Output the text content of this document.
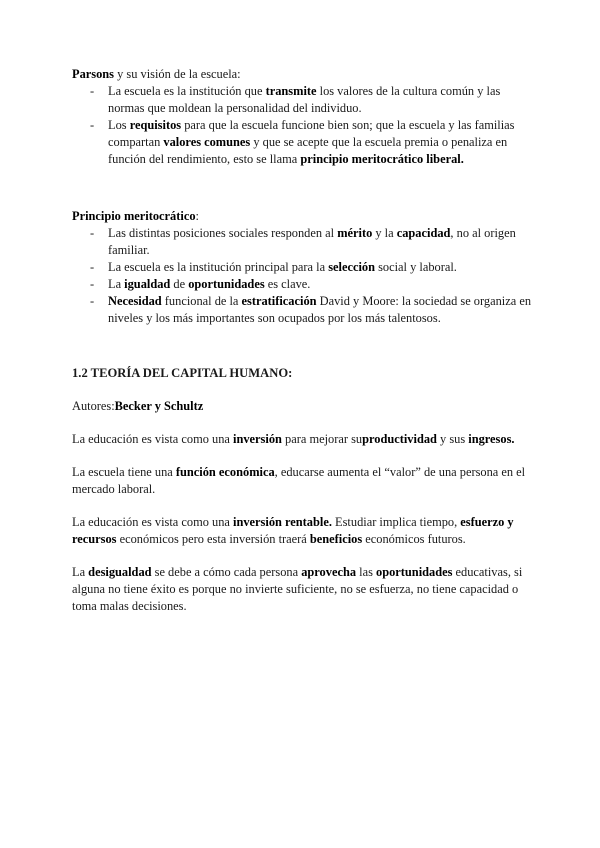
Parsons y su visión de la escuela:

- La escuela es la institución que transmite los valores de la cultura común y las normas que moldean la personalidad del individuo.
- Los requisitos para que la escuela funcione bien son; que la escuela y las familias compartan valores comunes y que se acepte que la escuela premia o penaliza en función del rendimiento, esto se llama principio meritocrático liberal.

Principio meritocrático:

- Las distintas posiciones sociales responden al mérito y la capacidad, no al origen familiar.
- La escuela es la institución principal para la selección social y laboral.
- La igualdad de oportunidades es clave.
- Necesidad funcional de la estratificación David y Moore: la sociedad se organiza en niveles y los más importantes son ocupados por los más talentosos.

1.2 TEORÍA DEL CAPITAL HUMANO:

Autores:Becker y Schultz

La educación es vista como una inversión para mejorar suproductividad y sus ingresos.

La escuela tiene una función económica, educarse aumenta el “valor” de una persona en el mercado laboral.

La educación es vista como una inversión rentable. Estudiar implica tiempo, esfuerzo y recursos económicos pero esta inversión traerá beneficios económicos futuros.

La desigualdad se debe a cómo cada persona aprovecha las oportunidades educativas, si alguna no tiene éxito es porque no invierte suficiente, no se esfuerza, no tiene capacidad o toma malas decisiones.
